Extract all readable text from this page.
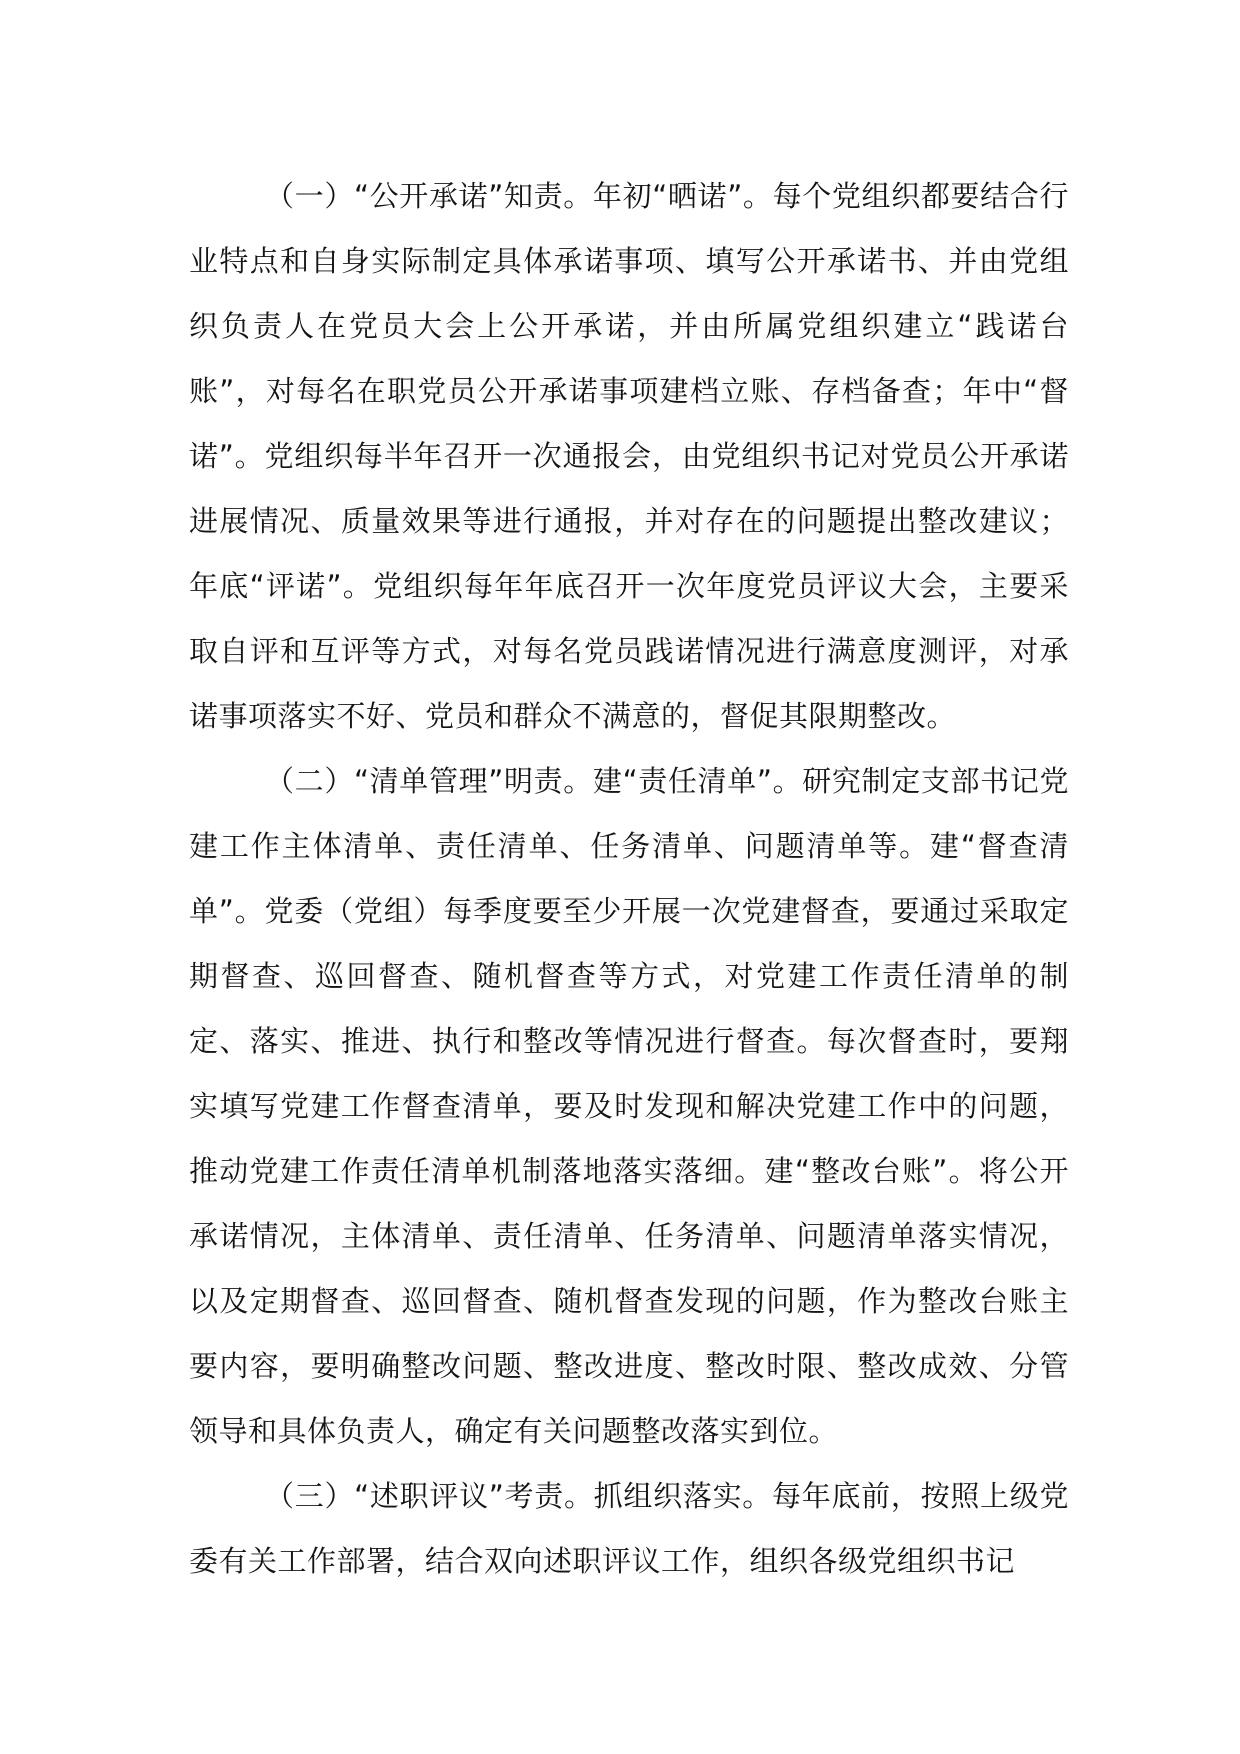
（一）“公开承诺”知责。年初“晒诺”。每个党组织都要结合行业特点和自身实际制定具体承诺事项、填写公开承诺书、并由党组织负责人在党员大会上公开承诺，并由所属党组织建立“践诺台账”，对每名在职党员公开承诺事项建档立账、存档备查；年中“督诺”。党组织每半年召开一次通报会，由党组织书记对党员公开承诺进展情况、质量效果等进行通报，并对存在的问题提出整改建议；年底“评诺”。党组织每年年底召开一次年度党员评议大会，主要采取自评和互评等方式，对每名党员践诺情况进行满意度测评，对承诺事项落实不好、党员和群众不满意的，督促其限期整改。

（二）“清单管理”明责。建“责任清单”。研究制定支部书记党建工作主体清单、责任清单、任务清单、问题清单等。建“督查清单”。党委（党组）每季度要至少开展一次党建督查，要通过采取定期督查、巡回督查、随机督查等方式，对党建工作责任清单的制定、落实、推进、执行和整改等情况进行督查。每次督查时，要翔实填写党建工作督查清单，要及时发现和解决党建工作中的问题，推动党建工作责任清单机制落地落实落细。建“整改台账”。将公开承诺情况，主体清单、责任清单、任务清单、问题清单落实情况，以及定期督查、巡回督查、随机督查发现的问题，作为整改台账主要内容，要明确整改问题、整改进度、整改时限、整改成效、分管领导和具体负责人，确定有关问题整改落实到位。

（三）“述职评议”考责。抓组织落实。每年底前，按照上级党委有关工作部署，结合双向述职评议工作，组织各级党组织书记
